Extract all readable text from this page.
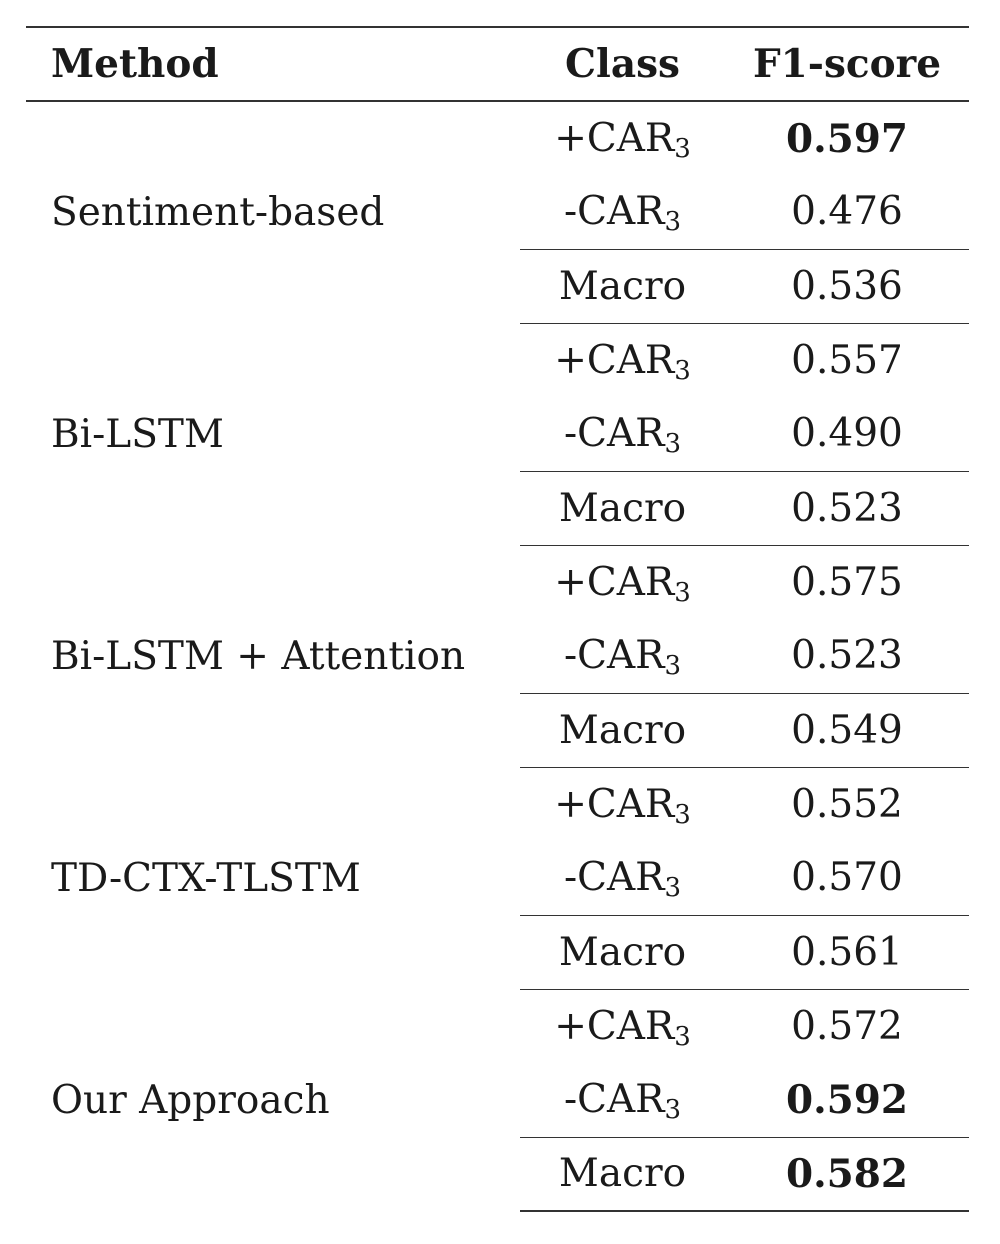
Method	Class	F1-score
Sentiment-based	$+CAR_3$	0.597
	$-CAR_3$	0.476
	Macro	0.536
Bi-LSTM	$+CAR_3$	0.557
	$-CAR_3$	0.490
	Macro	0.523
Bi-LSTM + Attention	$+CAR_3$	0.575
	$-CAR_3$	0.523
	Macro	0.549
TD-CTX-TLSTM	$+CAR_3$	0.552
	$-CAR_3$	0.570
	Macro	0.561
Our Approach	$+CAR_3$	0.572
	$-CAR_3$	0.592
	Macro	0.582
